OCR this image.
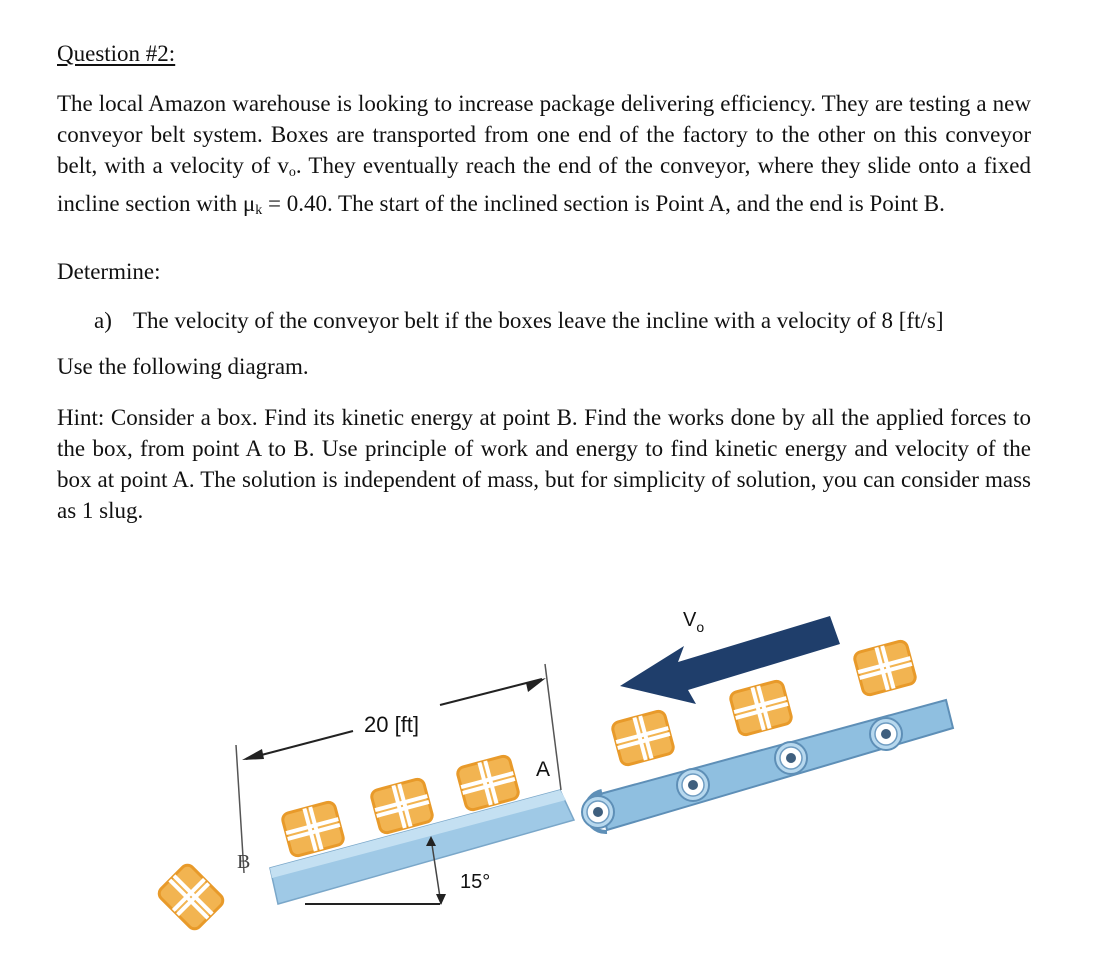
Question #2:
The local Amazon warehouse is looking to increase package delivering efficiency. They are testing a new conveyor belt system. Boxes are transported from one end of the factory to the other on this conveyor belt, with a velocity of $v_o$. They eventually reach the end of the conveyor, where they slide onto a fixed incline section with $\mu_k = 0.40$. The start of the inclined section is Point A, and the end is Point B.
Determine:
a) The velocity of the conveyor belt if the boxes leave the incline with a velocity of 8 [ft/s]
Use the following diagram.
Hint: Consider a box. Find its kinetic energy at point B. Find the works done by all the applied forces to the box, from point A to B. Use principle of work and energy to find kinetic energy and velocity of the box at point A. The solution is independent of mass, but for simplicity of solution, you can consider mass as 1 slug.
20 [ft]
15°
A
B
$V_o$
